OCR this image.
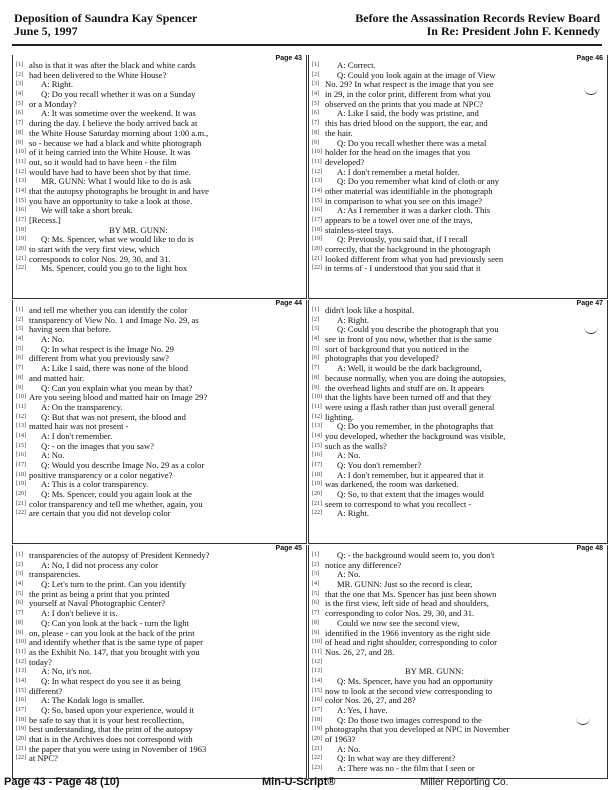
Deposition of Saundra Kay Spencer
June 5, 1997
Before the Assassination Records Review Board
In Re: President John F. Kennedy
Page 43
[1] also is that it was after the black and white cards
[2] had been delivered to the White House?
[3] A: Right.
[4] Q: Do you recall whether it was on a Sunday
[5] or a Monday?
[6] A: It was sometime over the weekend. It was
[7] during the day. I believe the body arrived back at
[8] the White House Saturday morning about 1:00 a.m.,
[9] so - because we had a black and white photograph
[10] of it being carried into the White House. It was
[11] out, so it would had to have been - the film
[12] would have had to have been shot by that time.
[13] MR. GUNN: What I would like to do is ask
[14] that the autopsy photographs be brought in and have
[15] you have an opportunity to take a look at those.
[16] We will take a short break.
[17] [Recess.]
[18]	BY MR. GUNN:
[19] Q: Ms. Spencer, what we would like to do is
[20] to start with the very first view, which
[21] corresponds to color Nos. 29, 30, and 31.
[22] Ms. Spencer, could you go to the light box
Page 44
[1] and tell me whether you can identify the color
[2] transparency of View No. 1 and Image No. 29, as
[3] having seen that before.
[4] A: No.
[5] Q: In what respect is the Image No. 29
[6] different from what you previously saw?
[7] A: Like I said, there was none of the blood
[8] and matted hair.
[9] Q: Can you explain what you mean by that?
[10] Are you seeing blood and matted hair on Image 29?
[11] A: On the transparency.
[12] Q: But that was not present, the blood and
[13] matted hair was not present -
[14] A: I don't remember.
[15] Q: - on the images that you saw?
[16] A: No.
[17] Q: Would you describe Image No. 29 as a color
[18] positive transparency or a color negative?
[19] A: This is a color transparency.
[20] Q: Ms. Spencer, could you again look at the
[21] color transparency and tell me whether, again, you
[22] are certain that you did not develop color
Page 45
[1] transparencies of the autopsy of President Kennedy?
[2] A: No, I did not process any color
[3] transparencies.
[4] Q: Let's turn to the print. Can you identify
[5] the print as being a print that you printed
[6] yourself at Naval Photographic Center?
[7] A: I don't believe it is.
[8] Q: Can you look at the back - turn the light
[9] on, please - can you look at the back of the print
[10] and identify whether that is the same type of paper
[11] as the Exhibit No. 147, that you brought with you
[12] today?
[13] A: No, it's not.
[14] Q: In what respect do you see it as being
[15] different?
[16] A: The Kodak logo is smaller.
[17] Q: So, based upon your experience, would it
[18] be safe to say that it is your best recollection,
[19] best understanding, that the print of the autopsy
[20] that is in the Archives does not correspond with
[21] the paper that you were using in November of 1963
[22] at NPC?
Page 46
[1] A: Correct.
[2] Q: Could you look again at the image of View
[3] No. 29? In what respect is the image that you see
[4] in 29, in the color print, different from what you
[5] observed on the prints that you made at NPC?
[6] A: Like I said, the body was pristine, and
[7] this has dried blood on the support, the ear, and
[8] the hair.
[9] Q: Do you recall whether there was a metal
[10] holder for the head on the images that you
[11] developed?
[12] A: I don't remember a metal holder.
[13] Q: Do you remember what kind of cloth or any
[14] other material was identifiable in the photograph
[15] in comparison to what you see on this image?
[16] A: As I remember it was a darker cloth. This
[17] appears to be a towel over one of the trays,
[18] stainless-steel trays.
[19] Q: Previously, you said that, if I recall
[20] correctly, that the background in the photograph
[21] looked different from what you had previously seen
[22] in terms of - I understood that you said that it
Page 47
[1] didn't look like a hospital.
[2] A: Right.
[3] Q: Could you describe the photograph that you
[4] see in front of you now, whether that is the same
[5] sort of background that you noticed in the
[6] photographs that you developed?
[7] A: Well, it would be the dark background,
[8] because normally, when you are doing the autopsies,
[9] the overhead lights and stuff are on. It appears
[10] that the lights have been turned off and that they
[11] were using a flash rather than just overall general
[12] lighting.
[13] Q: Do you remember, in the photographs that
[14] you developed, whether the background was visible,
[15] such as the walls?
[16] A: No.
[17] Q: You don't remember?
[18] A: I don't remember, but it appeared that it
[19] was darkened, the room was darkened.
[20] Q: So, to that extent that the images would
[21] seem to correspond to what you recollect -
[22] A: Right.
Page 48
[1] Q: - the background would seem to, you don't
[2] notice any difference?
[3] A: No.
[4] MR. GUNN: Just so the record is clear,
[5] that the one that Ms. Spencer has just been shown
[6] is the first view, left side of head and shoulders,
[7] corresponding to color Nos. 29, 30, and 31.
[8] Could we now see the second view,
[9] identified in the 1966 inventory as the right side
[10] of head and right shoulder, corresponding to color
[11] Nos. 26, 27, and 28.
[12]
[13]	BY MR. GUNN:
[14] Q: Ms. Spencer, have you had an opportunity
[15] now to look at the second view corresponding to
[16] color Nos. 26, 27, and 28?
[17] A: Yes, I have.
[18] Q: Do those two images correspond to the
[19] photographs that you developed at NPC in November
[20] of 1963?
[21] A: No.
[22] Q: In what way are they different?
[23] A: There was no - the film that I seen or
Page 43 - Page 48 (10)	Min-U-Script®	Miller Reporting Co.
